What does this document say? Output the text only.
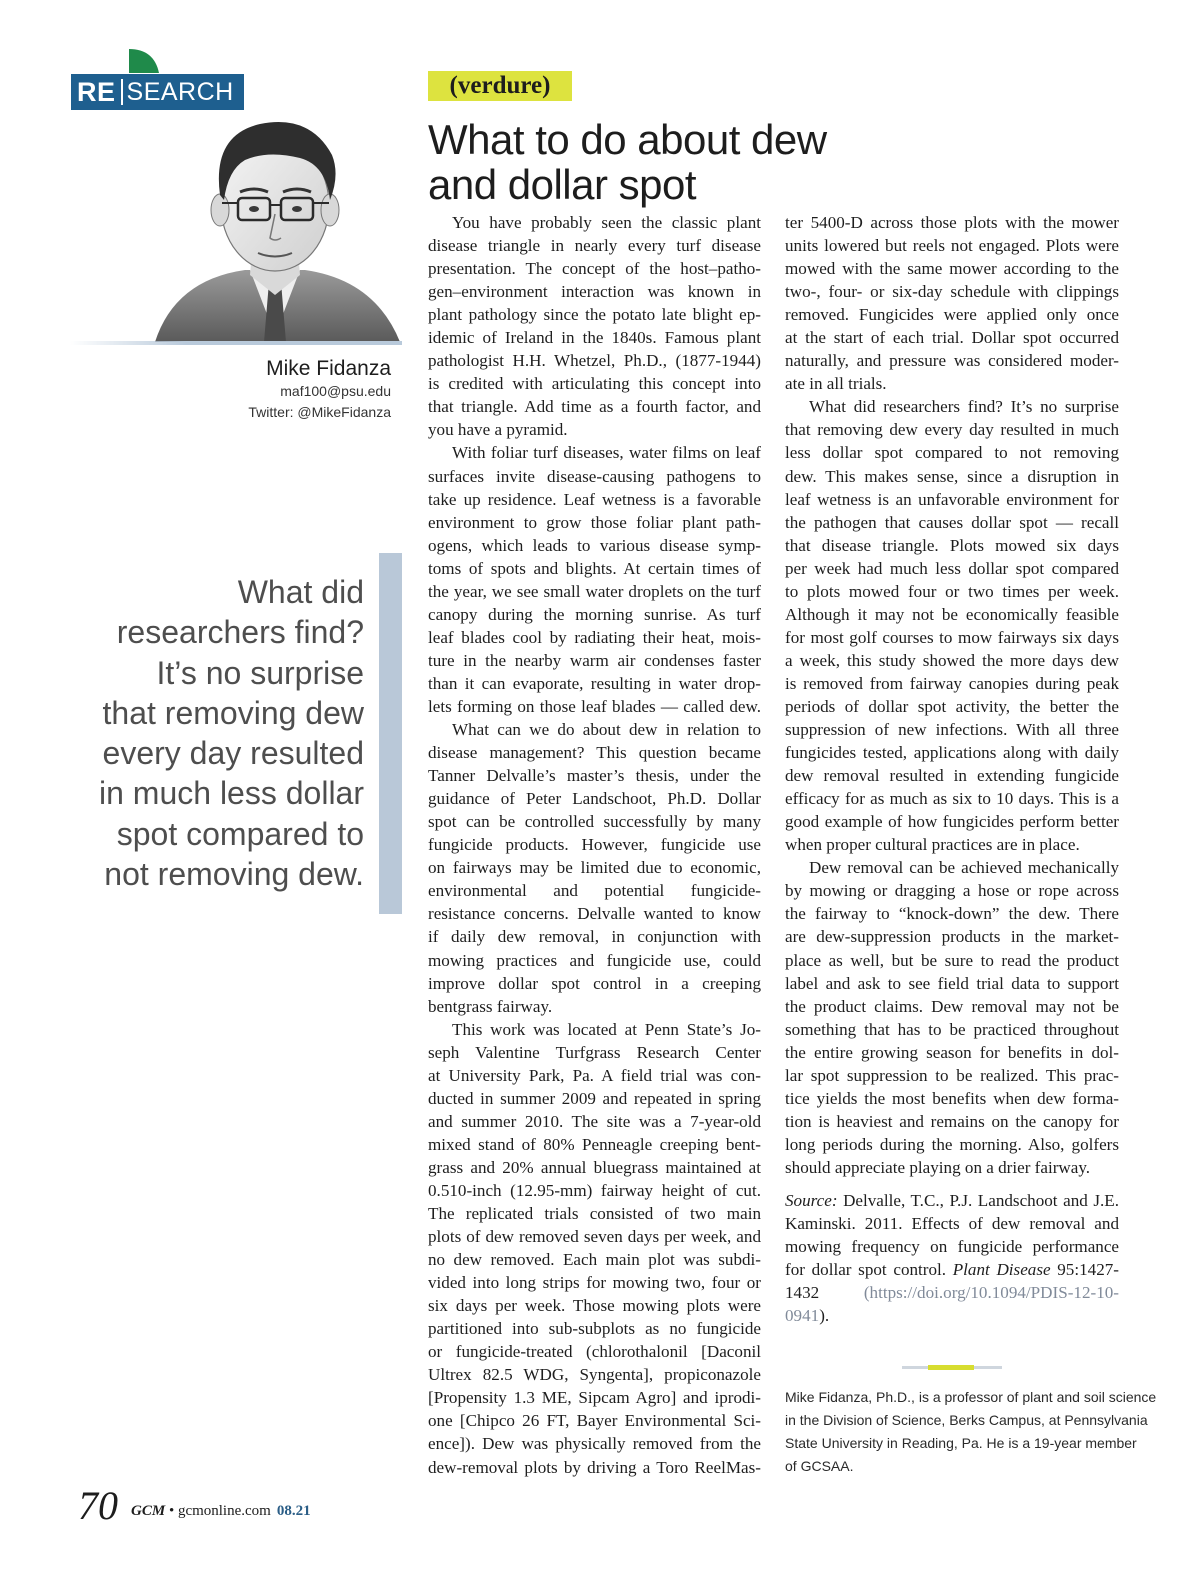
RE SEARCH
Mike Fidanza
maf100@psu.edu
Twitter: @MikeFidanza
What did
researchers find?
It’s no surprise
that removing dew
every day resulted
in much less dollar
spot compared to
not removing dew.
(verdure)
What to do about dew
and dollar spot
You have probably seen the classic plant
disease triangle in nearly every turf disease
presentation. The concept of the host–patho-
gen–environment interaction was known in
plant pathology since the potato late blight ep-
idemic of Ireland in the 1840s. Famous plant
pathologist H.H. Whetzel, Ph.D., (1877-1944)
is credited with articulating this concept into
that triangle. Add time as a fourth factor, and
you have a pyramid.
With foliar turf diseases, water films on leaf
surfaces invite disease-causing pathogens to
take up residence. Leaf wetness is a favorable
environment to grow those foliar plant path-
ogens, which leads to various disease symp-
toms of spots and blights. At certain times of
the year, we see small water droplets on the turf
canopy during the morning sunrise. As turf
leaf blades cool by radiating their heat, mois-
ture in the nearby warm air condenses faster
than it can evaporate, resulting in water drop-
lets forming on those leaf blades — called dew.
What can we do about dew in relation to
disease management? This question became
Tanner Delvalle’s master’s thesis, under the
guidance of Peter Landschoot, Ph.D. Dollar
spot can be controlled successfully by many
fungicide products. However, fungicide use
on fairways may be limited due to economic,
environmental and potential fungicide-
resistance concerns. Delvalle wanted to know
if daily dew removal, in conjunction with
mowing practices and fungicide use, could
improve dollar spot control in a creeping
bentgrass fairway.
This work was located at Penn State’s Jo-
seph Valentine Turfgrass Research Center
at University Park, Pa. A field trial was con-
ducted in summer 2009 and repeated in spring
and summer 2010. The site was a 7-year-old
mixed stand of 80% Penneagle creeping bent-
grass and 20% annual bluegrass maintained at
0.510-inch (12.95-mm) fairway height of cut.
The replicated trials consisted of two main
plots of dew removed seven days per week, and
no dew removed. Each main plot was subdi-
vided into long strips for mowing two, four or
six days per week. Those mowing plots were
partitioned into sub-subplots as no fungicide
or fungicide-treated (chlorothalonil [Daconil
Ultrex 82.5 WDG, Syngenta], propiconazole
[Propensity 1.3 ME, Sipcam Agro] and iprodi-
one [Chipco 26 FT, Bayer Environmental Sci-
ence]). Dew was physically removed from the
dew-removal plots by driving a Toro ReelMas-
ter 5400-D across those plots with the mower
units lowered but reels not engaged. Plots were
mowed with the same mower according to the
two-, four- or six-day schedule with clippings
removed. Fungicides were applied only once
at the start of each trial. Dollar spot occurred
naturally, and pressure was considered moder-
ate in all trials.
What did researchers find? It’s no surprise
that removing dew every day resulted in much
less dollar spot compared to not removing
dew. This makes sense, since a disruption in
leaf wetness is an unfavorable environment for
the pathogen that causes dollar spot — recall
that disease triangle. Plots mowed six days
per week had much less dollar spot compared
to plots mowed four or two times per week.
Although it may not be economically feasible
for most golf courses to mow fairways six days
a week, this study showed the more days dew
is removed from fairway canopies during peak
periods of dollar spot activity, the better the
suppression of new infections. With all three
fungicides tested, applications along with daily
dew removal resulted in extending fungicide
efficacy for as much as six to 10 days. This is a
good example of how fungicides perform better
when proper cultural practices are in place.
Dew removal can be achieved mechanically
by mowing or dragging a hose or rope across
the fairway to “knock-down” the dew. There
are dew-suppression products in the market-
place as well, but be sure to read the product
label and ask to see field trial data to support
the product claims. Dew removal may not be
something that has to be practiced throughout
the entire growing season for benefits in dol-
lar spot suppression to be realized. This prac-
tice yields the most benefits when dew forma-
tion is heaviest and remains on the canopy for
long periods during the morning. Also, golfers
should appreciate playing on a drier fairway.
Source: Delvalle, T.C., P.J. Landschoot and J.E.
Kaminski. 2011. Effects of dew removal and
mowing frequency on fungicide performance
for dollar spot control. Plant Disease 95:1427-
1432	(https://doi.org/10.1094/PDIS-12-10-
0941).
Mike Fidanza, Ph.D., is a professor of plant and soil science
in the Division of Science, Berks Campus, at Pennsylvania
State University in Reading, Pa. He is a 19-year member
of GCSAA.
70 GCM • gcmonline.com 08.21
